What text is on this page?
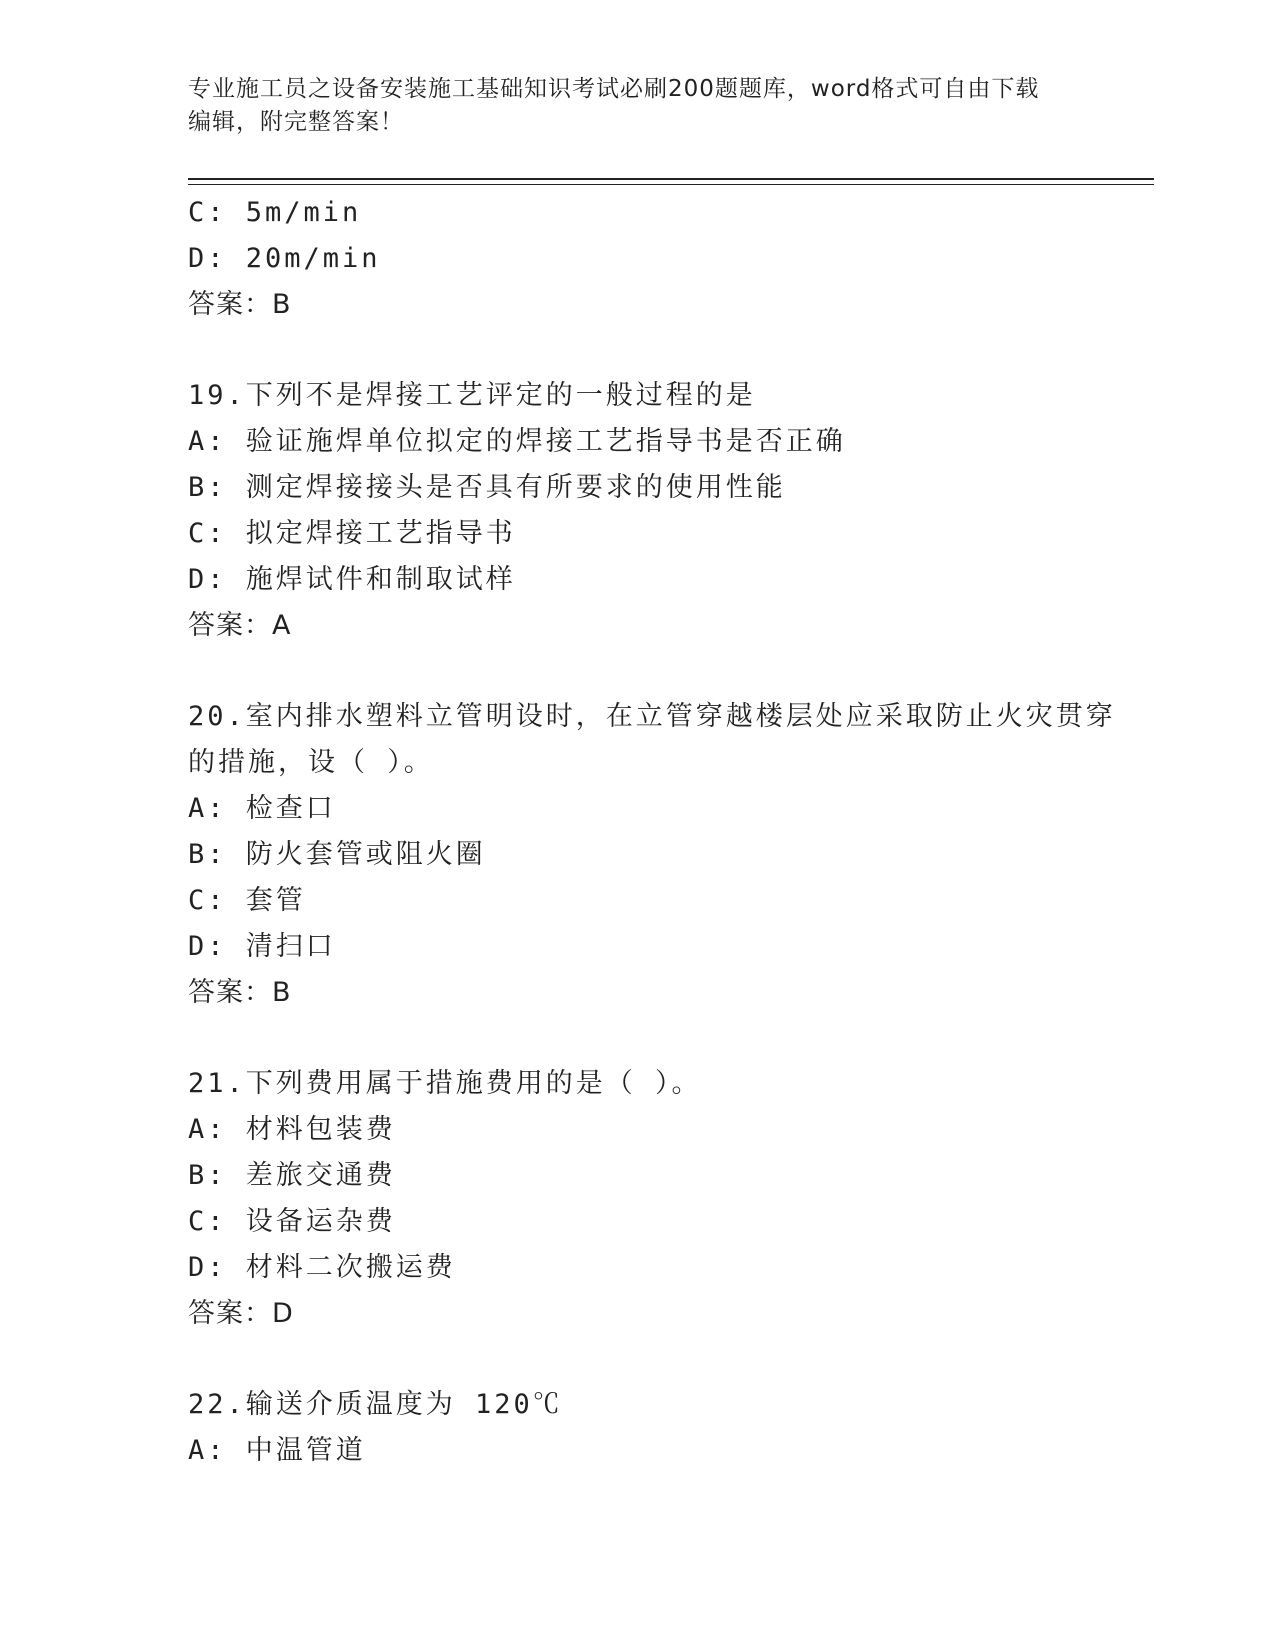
专业施工员之设备安装施工基础知识考试必刷200题题库，word格式可自由下载
编辑，附完整答案！
C: 5m/min
D: 20m/min
答案：B
19.下列不是焊接工艺评定的一般过程的是
A: 验证施焊单位拟定的焊接工艺指导书是否正确
B: 测定焊接接头是否具有所要求的使用性能
C: 拟定焊接工艺指导书
D: 施焊试件和制取试样
答案：A
20.室内排水塑料立管明设时，在立管穿越楼层处应采取防止火灾贯穿
的措施，设（ ）。
A: 检查口
B: 防火套管或阻火圈
C: 套管
D: 清扫口
答案：B
21.下列费用属于措施费用的是（ ）。
A: 材料包装费
B: 差旅交通费
C: 设备运杂费
D: 材料二次搬运费
答案：D
22.输送介质温度为 120℃
A: 中温管道
